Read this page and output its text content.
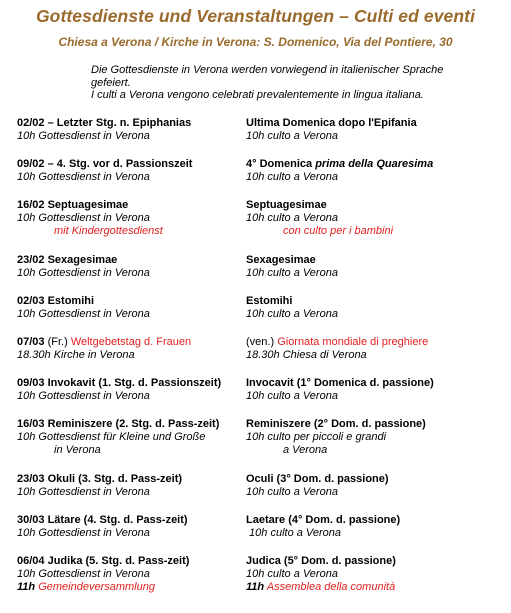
Gottesdienste und Veranstaltungen – Culti ed eventi
Chiesa a Verona / Kirche in Verona: S. Domenico, Via del Pontiere, 30
Die Gottesdienste in Verona werden vorwiegend in italienischer Sprache
gefeiert.
I culti a Verona vengono celebrati prevalentemente in lingua italiana.
02/02 – Letzter Stg. n. Epiphanias
10h Gottesdienst in Verona
Ultima Domenica dopo l'Epifania
10h culto a Verona
09/02 – 4. Stg. vor d. Passionszeit
10h Gottesdienst in Verona
4° Domenica prima della Quaresima
10h culto a Verona
16/02 Septuagesimae
10h Gottesdienst in Verona
mit Kindergottesdienst
Septuagesimae
10h culto a Verona
con culto per i bambini
23/02 Sexagesimae
10h Gottesdienst in Verona
Sexagesimae
10h culto a Verona
02/03 Estomihi
10h Gottesdienst in Verona
Estomihi
10h culto a Verona
07/03 (Fr.) Weltgebetstag d. Frauen
18.30h Kirche in Verona
(ven.) Giornata mondiale di preghiere
18.30h Chiesa di Verona
09/03 Invokavit (1. Stg. d. Passionszeit)
10h Gottesdienst in Verona
Invocavit (1° Domenica d. passione)
10h culto a Verona
16/03 Reminiszere (2. Stg. d. Pass-zeit)
10h Gottesdienst für Kleine und Große
in Verona
Reminiszere (2° Dom. d. passione)
10h culto per piccoli e grandi
a Verona
23/03 Okuli (3. Stg. d. Pass-zeit)
10h Gottesdienst in Verona
Oculi (3° Dom. d. passione)
10h culto a Verona
30/03 Lätare (4. Stg. d. Pass-zeit)
10h Gottesdienst in Verona
Laetare (4° Dom. d. passione)
10h culto a Verona
06/04 Judika (5. Stg. d. Pass-zeit)
10h Gottesdienst in Verona
11h Gemeindeversammlung
Judica (5° Dom. d. passione)
10h culto a Verona
11h Assemblea della comunità
